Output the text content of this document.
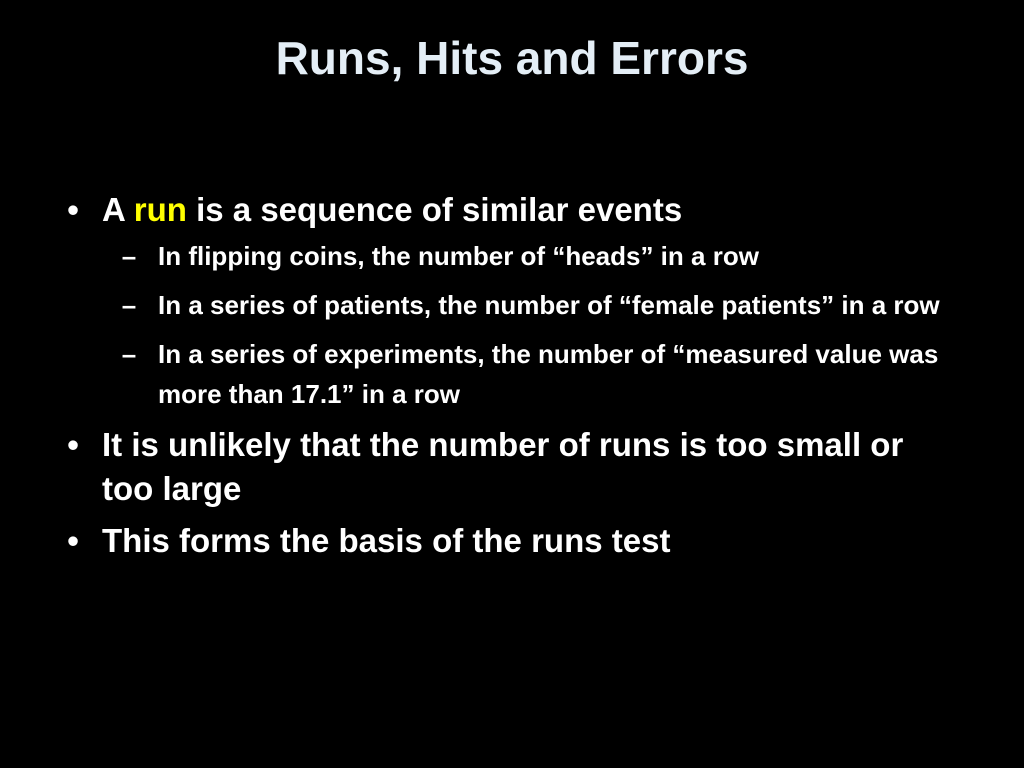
Runs, Hits and Errors
• A run is a sequence of similar events
– In flipping coins, the number of “heads” in a row
– In a series of patients, the number of “female patients” in a row
– In a series of experiments, the number of “measured value was more than 17.1” in a row
• It is unlikely that the number of runs is too small or too large
• This forms the basis of the runs test
